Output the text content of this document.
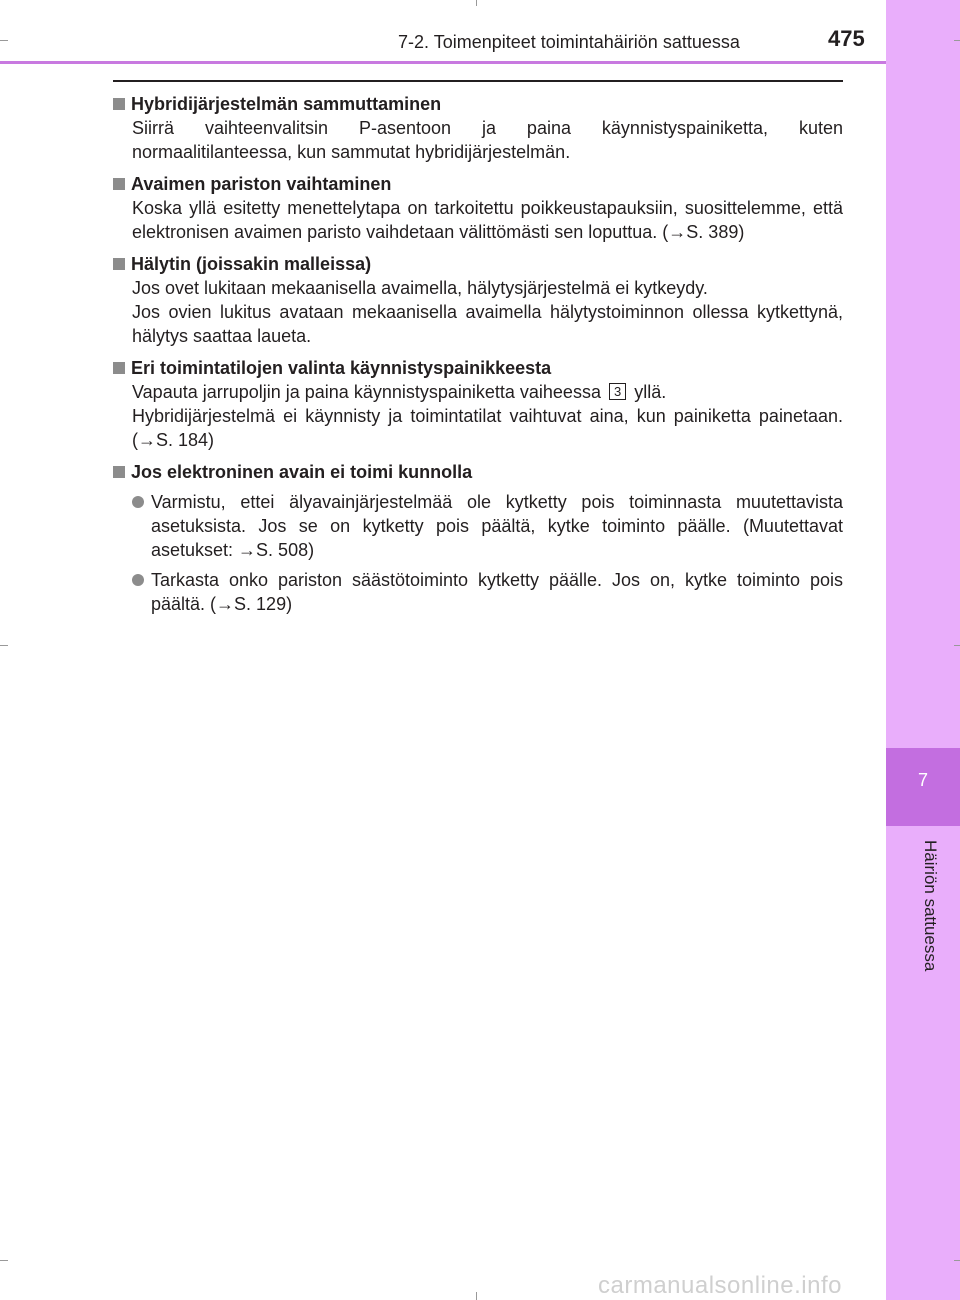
7-2. Toimenpiteet toimintahäiriön sattuessa	475
7
Häiriön sattuessa
Hybridijärjestelmän sammuttaminen
Siirrä vaihteenvalitsin P-asentoon ja paina käynnistyspainiketta, kuten normaalitilanteessa, kun sammutat hybridijärjestelmän.
Avaimen pariston vaihtaminen
Koska yllä esitetty menettelytapa on tarkoitettu poikkeustapauksiin, suosittelemme, että elektronisen avaimen paristo vaihdetaan välittömästi sen loputtua. (→S. 389)
Hälytin (joissakin malleissa)
Jos ovet lukitaan mekaanisella avaimella, hälytysjärjestelmä ei kytkeydy.
Jos ovien lukitus avataan mekaanisella avaimella hälytystoiminnon ollessa kytkettynä, hälytys saattaa laueta.
Eri toimintatilojen valinta käynnistyspainikkeesta
Vapauta jarrupoljin ja paina käynnistyspainiketta vaiheessa 3 yllä.
Hybridijärjestelmä ei käynnisty ja toimintatilat vaihtuvat aina, kun painiketta painetaan. (→S. 184)
Jos elektroninen avain ei toimi kunnolla
Varmistu, ettei älyavainjärjestelmää ole kytketty pois toiminnasta muutettavista asetuksista. Jos se on kytketty pois päältä, kytke toiminto päälle. (Muutettavat asetukset: →S. 508)
Tarkasta onko pariston säästötoiminto kytketty päälle. Jos on, kytke toiminto pois päältä. (→S. 129)
carmanualsonline.info
